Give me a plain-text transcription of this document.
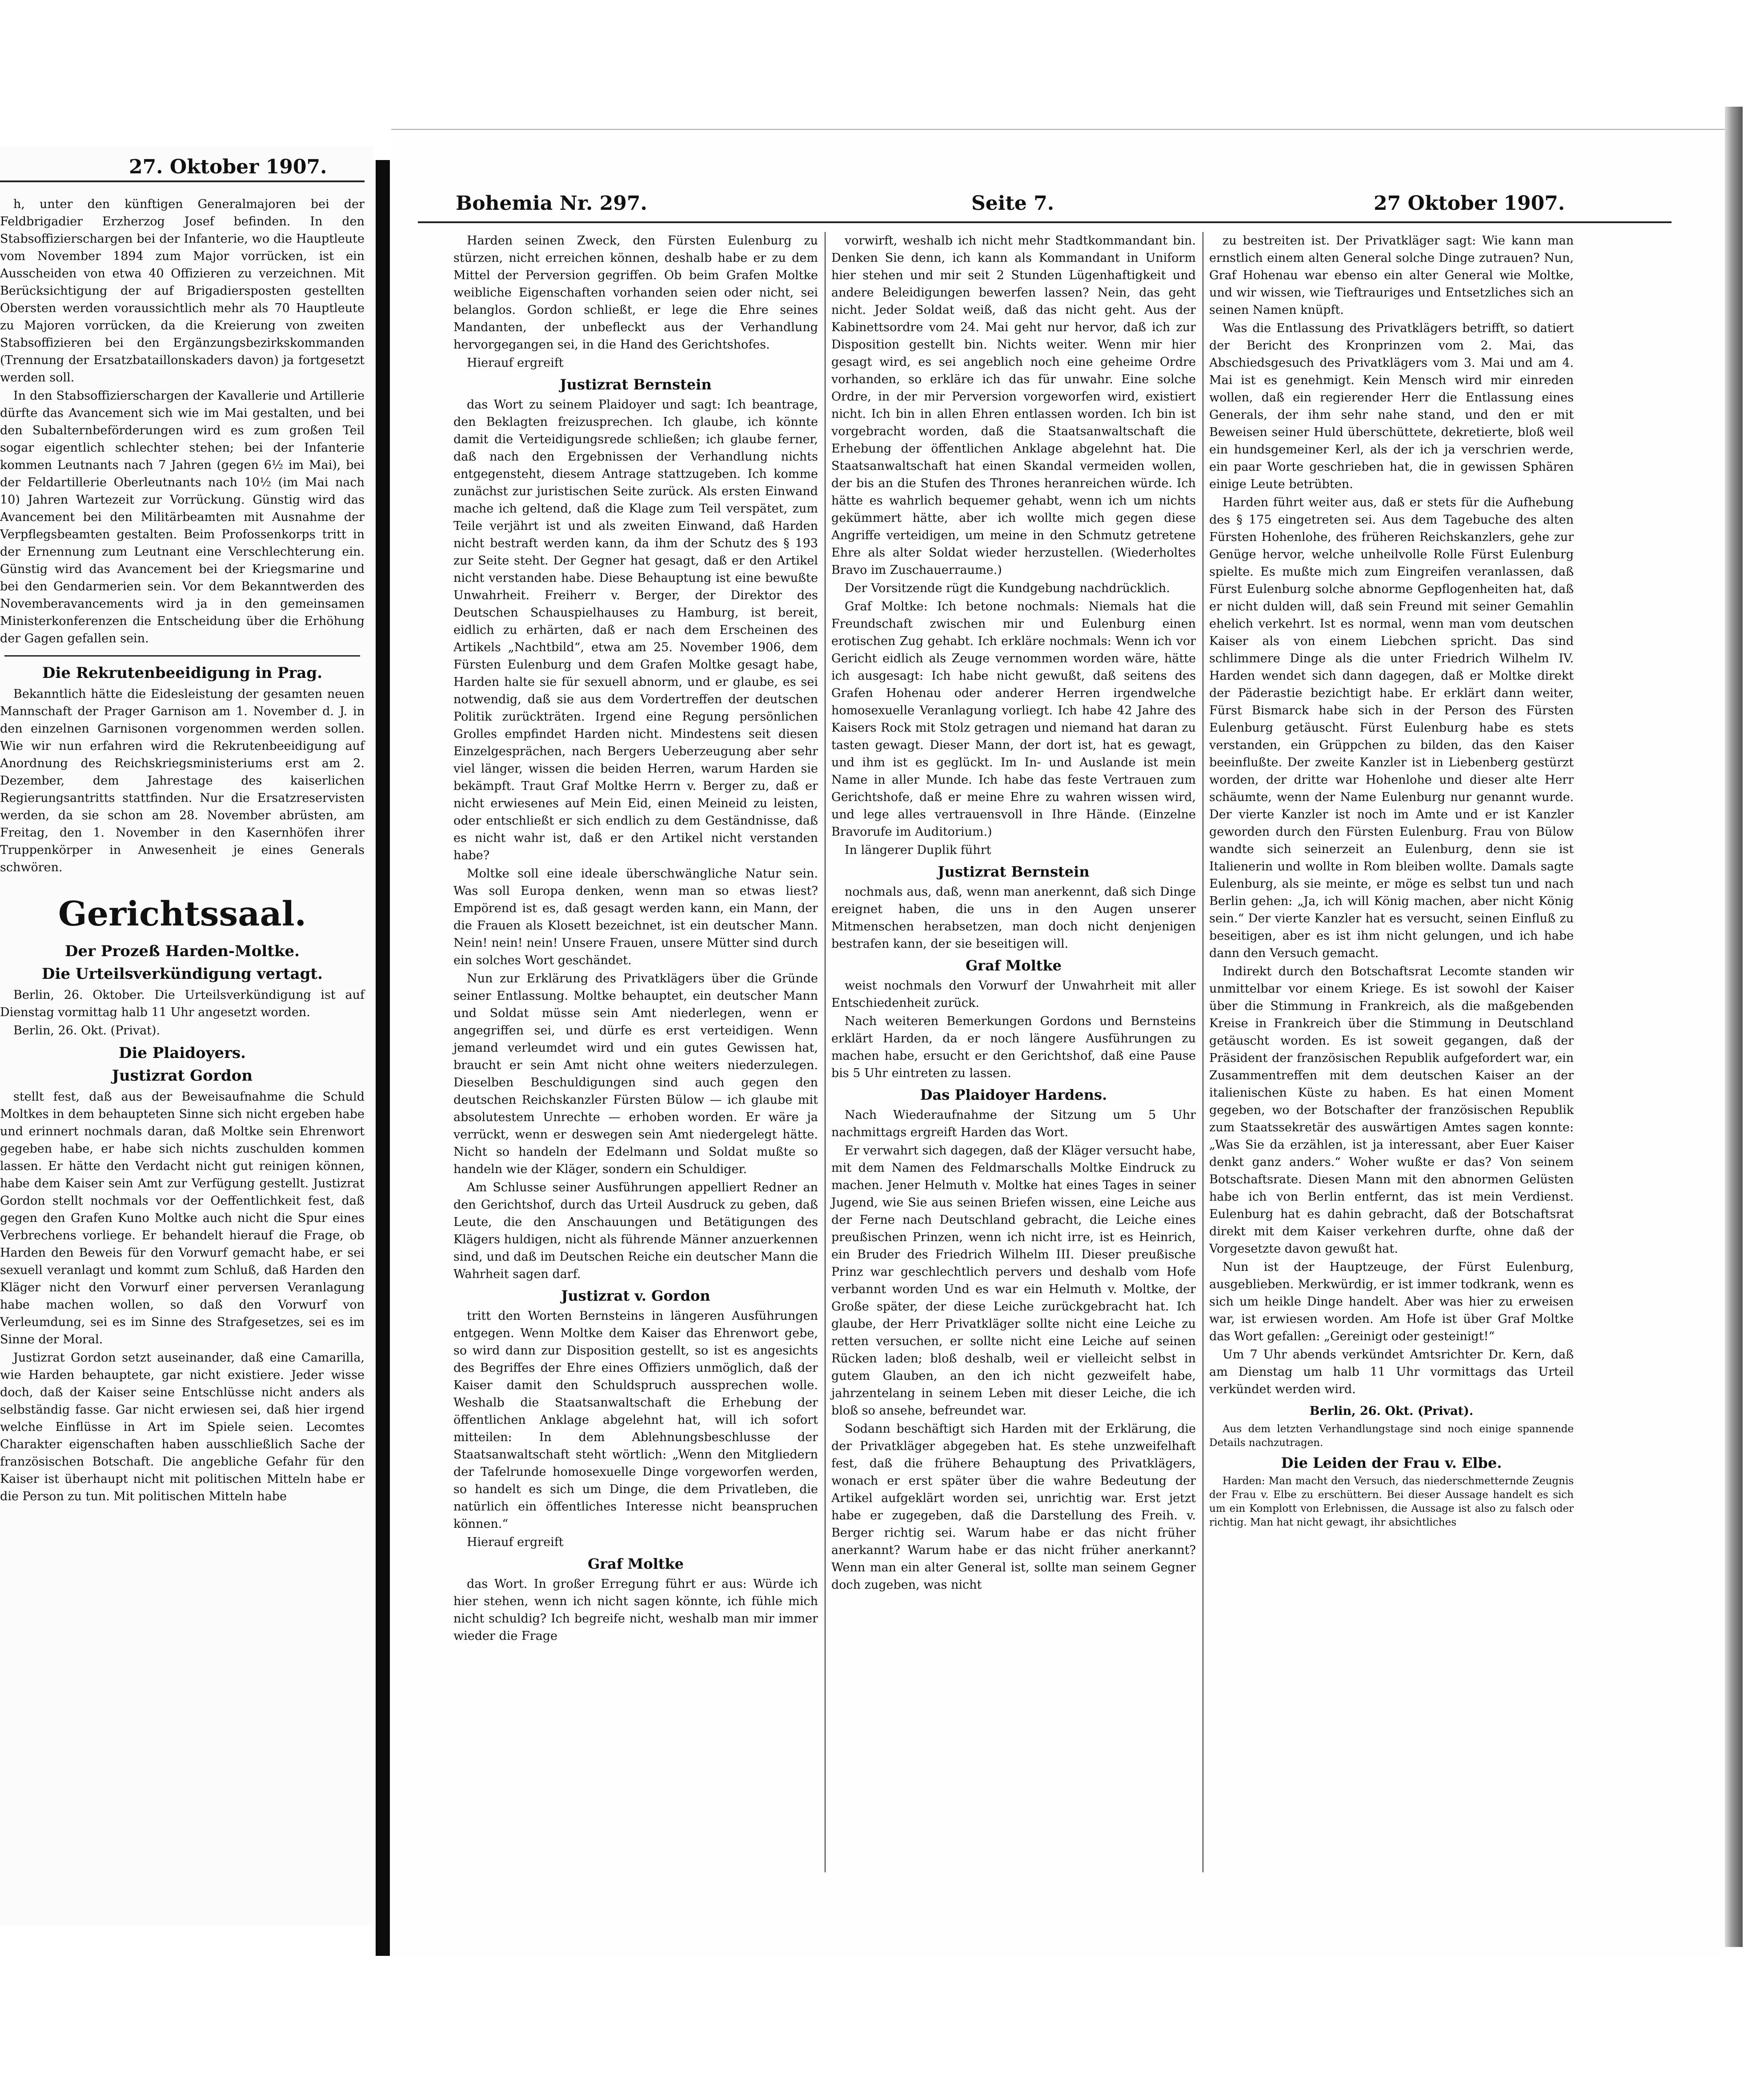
27. Oktober 1907.

h, unter den künftigen Generalmajoren bei der Feldbrigadier Erzherzog Josef befinden. In den Stabsoffizierschargen bei der Infanterie, wo die Hauptleute vom November 1894 zum Major vorrücken, ist ein Ausscheiden von etwa 40 Offizieren zu verzeichnen. Mit Berücksichtigung der auf Brigadiersposten gestellten Obersten werden voraussichtlich mehr als 70 Hauptleute zu Majoren vorrücken, da die Kreierung von zweiten Stabsoffizieren bei den Ergänzungsbezirkskommanden (Trennung der Ersatzbataillonskaders davon) ja fortgesetzt werden soll.

In den Stabsoffizierschargen der Kavallerie und Artillerie dürfte das Avancement sich wie im Mai gestalten, und bei den Subalternbeförderungen wird es zum großen Teil sogar eigentlich schlechter stehen; bei der Infanterie kommen Leutnants nach 7 Jahren (gegen 6½ im Mai), bei der Feldartillerie Oberleutnants nach 10½ (im Mai nach 10) Jahren Wartezeit zur Vorrückung. Günstig wird das Avancement bei den Militärbeamten mit Ausnahme der Verpflegsbeamten gestalten. Beim Profossenkorps tritt in der Ernennung zum Leutnant eine Verschlechterung ein. Günstig wird das Avancement bei der Kriegsmarine und bei den Gendarmerien sein. Vor dem Bekanntwerden des Novemberavancements wird ja in den gemeinsamen Ministerkonferenzen die Entscheidung über die Erhöhung der Gagen gefallen sein.

Die Rekrutenbeeidigung in Prag.

Bekanntlich hätte die Eidesleistung der gesamten neuen Mannschaft der Prager Garnison am 1. November d. J. in den einzelnen Garnisonen vorgenommen werden sollen. Wie wir nun erfahren wird die Rekrutenbeeidigung auf Anordnung des Reichskriegsministeriums erst am 2. Dezember, dem Jahrestage des kaiserlichen Regierungsantritts stattfinden. Nur die Ersatzreservisten werden, da sie schon am 28. November abrüsten, am Freitag, den 1. November in den Kasernhöfen ihrer Truppenkörper in Anwesenheit je eines Generals schwören.

Gerichtssaal.

Der Prozeß Harden-Moltke.

Die Urteilsverkündigung vertagt.

Berlin, 26. Oktober. Die Urteilsverkündigung ist auf Dienstag vormittag halb 11 Uhr angesetzt worden.

Berlin, 26. Okt. (Privat).

Die Plaidoyers.

Justizrat Gordon

stellt fest, daß aus der Beweisaufnahme die Schuld Moltkes in dem behaupteten Sinne sich nicht ergeben habe und erinnert nochmals daran, daß Moltke sein Ehrenwort gegeben habe, er habe sich nichts zuschulden kommen lassen. Er hätte den Verdacht nicht gut reinigen können, habe dem Kaiser sein Amt zur Verfügung gestellt. Justizrat Gordon stellt nochmals vor der Oeffentlichkeit fest, daß gegen den Grafen Kuno Moltke auch nicht die Spur eines Verbrechens vorliege. Er behandelt hierauf die Frage, ob Harden den Beweis für den Vorwurf gemacht habe, er sei sexuell veranlagt und kommt zum Schluß, daß Harden den Kläger nicht den Vorwurf einer perversen Veranlagung habe machen wollen, so daß den Vorwurf von Verleumdung, sei es im Sinne des Strafgesetzes, sei es im Sinne der Moral.

Justizrat Gordon setzt auseinander, daß eine Camarilla, wie Harden behauptete, gar nicht existiere. Jeder wisse doch, daß der Kaiser seine Entschlüsse nicht anders als selbständig fasse. Gar nicht erwiesen sei, daß hier irgend welche Einflüsse in Art im Spiele seien. Lecomtes Charakter eigenschaften haben ausschließlich Sache der französischen Botschaft. Die angebliche Gefahr für den Kaiser ist überhaupt nicht mit politischen Mitteln habe er die Person zu tun. Mit politischen Mitteln habe

Bohemia Nr. 297.	Seite 7.	27 Oktober 1907.

Harden seinen Zweck, den Fürsten Eulenburg zu stürzen, nicht erreichen können, deshalb habe er zu dem Mittel der Perversion gegriffen. Ob beim Grafen Moltke weibliche Eigenschaften vorhanden seien oder nicht, sei belanglos. Gordon schließt, er lege die Ehre seines Mandanten, der unbefleckt aus der Verhandlung hervorgegangen sei, in die Hand des Gerichtshofes.

Hierauf ergreift

Justizrat Bernstein

das Wort zu seinem Plaidoyer und sagt: Ich beantrage, den Beklagten freizusprechen. Ich glaube, ich könnte damit die Verteidigungsrede schließen; ich glaube ferner, daß nach den Ergebnissen der Verhandlung nichts entgegensteht, diesem Antrage stattzugeben. Ich komme zunächst zur juristischen Seite zurück. Als ersten Einwand mache ich geltend, daß die Klage zum Teil verspätet, zum Teile verjährt ist und als zweiten Einwand, daß Harden nicht bestraft werden kann, da ihm der Schutz des § 193 zur Seite steht. Der Gegner hat gesagt, daß er den Artikel nicht verstanden habe. Diese Behauptung ist eine bewußte Unwahrheit. Freiherr v. Berger, der Direktor des Deutschen Schauspielhauses zu Hamburg, ist bereit, eidlich zu erhärten, daß er nach dem Erscheinen des Artikels „Nachtbild“, etwa am 25. November 1906, dem Fürsten Eulenburg und dem Grafen Moltke gesagt habe, Harden halte sie für sexuell abnorm, und er glaube, es sei notwendig, daß sie aus dem Vordertreffen der deutschen Politik zurückträten. Irgend eine Regung persönlichen Grolles empfindet Harden nicht. Mindestens seit diesen Einzelgesprächen, nach Bergers Ueberzeugung aber sehr viel länger, wissen die beiden Herren, warum Harden sie bekämpft. Traut Graf Moltke Herrn v. Berger zu, daß er nicht erwiesenes auf Mein Eid, einen Meineid zu leisten, oder entschließt er sich endlich zu dem Geständnisse, daß es nicht wahr ist, daß er den Artikel nicht verstanden habe?

Moltke soll eine ideale überschwängliche Natur sein. Was soll Europa denken, wenn man so etwas liest? Empörend ist es, daß gesagt werden kann, ein Mann, der die Frauen als Klosett bezeichnet, ist ein deutscher Mann. Nein! nein! nein! Unsere Frauen, unsere Mütter sind durch ein solches Wort geschändet.

Nun zur Erklärung des Privatklägers über die Gründe seiner Entlassung. Moltke behauptet, ein deutscher Mann und Soldat müsse sein Amt niederlegen, wenn er angegriffen sei, und dürfe es erst verteidigen. Wenn jemand verleumdet wird und ein gutes Gewissen hat, braucht er sein Amt nicht ohne weiters niederzulegen. Dieselben Beschuldigungen sind auch gegen den deutschen Reichskanzler Fürsten Bülow — ich glaube mit absolutestem Unrechte — erhoben worden. Er wäre ja verrückt, wenn er deswegen sein Amt niedergelegt hätte. Nicht so handeln der Edelmann und Soldat mußte so handeln wie der Kläger, sondern ein Schuldiger.

Am Schlusse seiner Ausführungen appelliert Redner an den Gerichtshof, durch das Urteil Ausdruck zu geben, daß Leute, die den Anschauungen und Betätigungen des Klägers huldigen, nicht als führende Männer anzuerkennen sind, und daß im Deutschen Reiche ein deutscher Mann die Wahrheit sagen darf.

Justizrat v. Gordon

tritt den Worten Bernsteins in längeren Ausführungen entgegen. Wenn Moltke dem Kaiser das Ehrenwort gebe, so wird dann zur Disposition gestellt, so ist es angesichts des Begriffes der Ehre eines Offiziers unmöglich, daß der Kaiser damit den Schuldspruch aussprechen wolle. Weshalb die Staatsanwaltschaft die Erhebung der öffentlichen Anklage abgelehnt hat, will ich sofort mitteilen: In dem Ablehnungsbeschlusse der Staatsanwaltschaft steht wörtlich: „Wenn den Mitgliedern der Tafelrunde homosexuelle Dinge vorgeworfen werden, so handelt es sich um Dinge, die dem Privatleben, die natürlich ein öffentliches Interesse nicht beanspruchen können.“

Hierauf ergreift

Graf Moltke

das Wort. In großer Erregung führt er aus: Würde ich hier stehen, wenn ich nicht sagen könnte, ich fühle mich nicht schuldig? Ich begreife nicht, weshalb man mir immer wieder die Frage

vorwirft, weshalb ich nicht mehr Stadtkommandant bin. Denken Sie denn, ich kann als Kommandant in Uniform hier stehen und mir seit 2 Stunden Lügenhaftigkeit und andere Beleidigungen bewerfen lassen? Nein, das geht nicht. Jeder Soldat weiß, daß das nicht geht. Aus der Kabinettsordre vom 24. Mai geht nur hervor, daß ich zur Disposition gestellt bin. Nichts weiter. Wenn mir hier gesagt wird, es sei angeblich noch eine geheime Ordre vorhanden, so erkläre ich das für unwahr. Eine solche Ordre, in der mir Perversion vorgeworfen wird, existiert nicht. Ich bin in allen Ehren entlassen worden. Ich bin ist vorgebracht worden, daß die Staatsanwaltschaft die Erhebung der öffentlichen Anklage abgelehnt hat. Die Staatsanwaltschaft hat einen Skandal vermeiden wollen, der bis an die Stufen des Thrones heranreichen würde. Ich hätte es wahrlich bequemer gehabt, wenn ich um nichts gekümmert hätte, aber ich wollte mich gegen diese Angriffe verteidigen, um meine in den Schmutz getretene Ehre als alter Soldat wieder herzustellen. (Wiederholtes Bravo im Zuschauerraume.)

Der Vorsitzende rügt die Kundgebung nachdrücklich.

Graf Moltke: Ich betone nochmals: Niemals hat die Freundschaft zwischen mir und Eulenburg einen erotischen Zug gehabt. Ich erkläre nochmals: Wenn ich vor Gericht eidlich als Zeuge vernommen worden wäre, hätte ich ausgesagt: Ich habe nicht gewußt, daß seitens des Grafen Hohenau oder anderer Herren irgendwelche homosexuelle Veranlagung vorliegt. Ich habe 42 Jahre des Kaisers Rock mit Stolz getragen und niemand hat daran zu tasten gewagt. Dieser Mann, der dort ist, hat es gewagt, und ihm ist es geglückt. Im In- und Auslande ist mein Name in aller Munde. Ich habe das feste Vertrauen zum Gerichtshofe, daß er meine Ehre zu wahren wissen wird, und lege alles vertrauensvoll in Ihre Hände. (Einzelne Bravorufe im Auditorium.)

In längerer Duplik führt

Justizrat Bernstein

nochmals aus, daß, wenn man anerkennt, daß sich Dinge ereignet haben, die uns in den Augen unserer Mitmenschen herabsetzen, man doch nicht denjenigen bestrafen kann, der sie beseitigen will.

Graf Moltke

weist nochmals den Vorwurf der Unwahrheit mit aller Entschiedenheit zurück.

Nach weiteren Bemerkungen Gordons und Bernsteins erklärt Harden, da er noch längere Ausführungen zu machen habe, ersucht er den Gerichtshof, daß eine Pause bis 5 Uhr eintreten zu lassen.

Das Plaidoyer Hardens.

Nach Wiederaufnahme der Sitzung um 5 Uhr nachmittags ergreift Harden das Wort.

Er verwahrt sich dagegen, daß der Kläger versucht habe, mit dem Namen des Feldmarschalls Moltke Eindruck zu machen. Jener Helmuth v. Moltke hat eines Tages in seiner Jugend, wie Sie aus seinen Briefen wissen, eine Leiche aus der Ferne nach Deutschland gebracht, die Leiche eines preußischen Prinzen, wenn ich nicht irre, ist es Heinrich, ein Bruder des Friedrich Wilhelm III. Dieser preußische Prinz war geschlechtlich pervers und deshalb vom Hofe verbannt worden Und es war ein Helmuth v. Moltke, der Große später, der diese Leiche zurückgebracht hat. Ich glaube, der Herr Privatkläger sollte nicht eine Leiche zu retten versuchen, er sollte nicht eine Leiche auf seinen Rücken laden; bloß deshalb, weil er vielleicht selbst in gutem Glauben, an den ich nicht gezweifelt habe, jahrzentelang in seinem Leben mit dieser Leiche, die ich bloß so ansehe, befreundet war.

Sodann beschäftigt sich Harden mit der Erklärung, die der Privatkläger abgegeben hat. Es stehe unzweifelhaft fest, daß die frühere Behauptung des Privatklägers, wonach er erst später über die wahre Bedeutung der Artikel aufgeklärt worden sei, unrichtig war. Erst jetzt habe er zugegeben, daß die Darstellung des Freih. v. Berger richtig sei. Warum habe er das nicht früher anerkannt? Warum habe er das nicht früher anerkannt? Wenn man ein alter General ist, sollte man seinem Gegner doch zugeben, was nicht

zu bestreiten ist. Der Privatkläger sagt: Wie kann man ernstlich einem alten General solche Dinge zutrauen? Nun, Graf Hohenau war ebenso ein alter General wie Moltke, und wir wissen, wie Tieftrauriges und Entsetzliches sich an seinen Namen knüpft.

Was die Entlassung des Privatklägers betrifft, so datiert der Bericht des Kronprinzen vom 2. Mai, das Abschiedsgesuch des Privatklägers vom 3. Mai und am 4. Mai ist es genehmigt. Kein Mensch wird mir einreden wollen, daß ein regierender Herr die Entlassung eines Generals, der ihm sehr nahe stand, und den er mit Beweisen seiner Huld überschüttete, dekretierte, bloß weil ein hundsgemeiner Kerl, als der ich ja verschrien werde, ein paar Worte geschrieben hat, die in gewissen Sphären einige Leute betrübten.

Harden führt weiter aus, daß er stets für die Aufhebung des § 175 eingetreten sei. Aus dem Tagebuche des alten Fürsten Hohenlohe, des früheren Reichskanzlers, gehe zur Genüge hervor, welche unheilvolle Rolle Fürst Eulenburg spielte. Es mußte mich zum Eingreifen veranlassen, daß Fürst Eulenburg solche abnorme Gepflogenheiten hat, daß er nicht dulden will, daß sein Freund mit seiner Gemahlin ehelich verkehrt. Ist es normal, wenn man vom deutschen Kaiser als von einem Liebchen spricht. Das sind schlimmere Dinge als die unter Friedrich Wilhelm IV. Harden wendet sich dann dagegen, daß er Moltke direkt der Päderastie bezichtigt habe. Er erklärt dann weiter, Fürst Bismarck habe sich in der Person des Fürsten Eulenburg getäuscht. Fürst Eulenburg habe es stets verstanden, ein Grüppchen zu bilden, das den Kaiser beeinflußte. Der zweite Kanzler ist in Liebenberg gestürzt worden, der dritte war Hohenlohe und dieser alte Herr schäumte, wenn der Name Eulenburg nur genannt wurde. Der vierte Kanzler ist noch im Amte und er ist Kanzler geworden durch den Fürsten Eulenburg. Frau von Bülow wandte sich seinerzeit an Eulenburg, denn sie ist Italienerin und wollte in Rom bleiben wollte. Damals sagte Eulenburg, als sie meinte, er möge es selbst tun und nach Berlin gehen: „Ja, ich will König machen, aber nicht König sein.“ Der vierte Kanzler hat es versucht, seinen Einfluß zu beseitigen, aber es ist ihm nicht gelungen, und ich habe dann den Versuch gemacht.

Indirekt durch den Botschaftsrat Lecomte standen wir unmittelbar vor einem Kriege. Es ist sowohl der Kaiser über die Stimmung in Frankreich, als die maßgebenden Kreise in Frankreich über die Stimmung in Deutschland getäuscht worden. Es ist soweit gegangen, daß der Präsident der französischen Republik aufgefordert war, ein Zusammentreffen mit dem deutschen Kaiser an der italienischen Küste zu haben. Es hat einen Moment gegeben, wo der Botschafter der französischen Republik zum Staatssekretär des auswärtigen Amtes sagen konnte: „Was Sie da erzählen, ist ja interessant, aber Euer Kaiser denkt ganz anders.“ Woher wußte er das? Von seinem Botschaftsrate. Diesen Mann mit den abnormen Gelüsten habe ich von Berlin entfernt, das ist mein Verdienst. Eulenburg hat es dahin gebracht, daß der Botschaftsrat direkt mit dem Kaiser verkehren durfte, ohne daß der Vorgesetzte davon gewußt hat.

Nun ist der Hauptzeuge, der Fürst Eulenburg, ausgeblieben. Merkwürdig, er ist immer todkrank, wenn es sich um heikle Dinge handelt. Aber was hier zu erweisen war, ist erwiesen worden. Am Hofe ist über Graf Moltke das Wort gefallen: „Gereinigt oder gesteinigt!“

Um 7 Uhr abends verkündet Amtsrichter Dr. Kern, daß am Dienstag um halb 11 Uhr vormittags das Urteil verkündet werden wird.

Berlin, 26. Okt. (Privat).

Aus dem letzten Verhandlungstage sind noch einige spannende Details nachzutragen.

Die Leiden der Frau v. Elbe.

Harden: Man macht den Versuch, das niederschmetternde Zeugnis der Frau v. Elbe zu erschüttern. Bei dieser Aussage handelt es sich um ein Komplott von Erlebnissen, die Aussage ist also zu falsch oder richtig. Man hat nicht gewagt, ihr absichtliches
